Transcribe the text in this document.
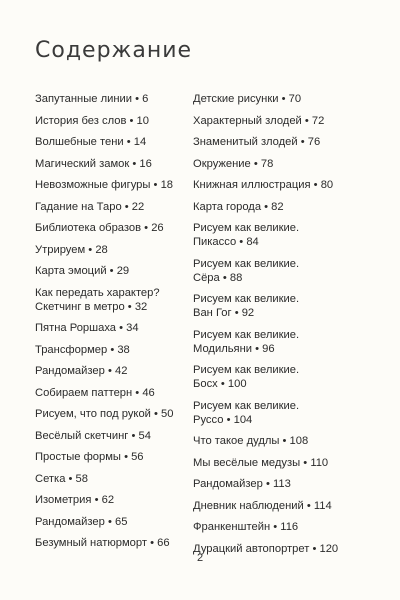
Содержание
Запутанные линии • 6
История без слов • 10
Волшебные тени • 14
Магический замок • 16
Невозможные фигуры • 18
Гадание на Таро • 22
Библиотека образов • 26
Утрируем • 28
Карта эмоций • 29
Как передать характер?
Скетчинг в метро • 32
Пятна Роршаха • 34
Трансформер • 38
Рандомайзер • 42
Собираем паттерн • 46
Рисуем, что под рукой • 50
Весёлый скетчинг • 54
Простые формы • 56
Сетка • 58
Изометрия • 62
Рандомайзер • 65
Безумный натюрморт • 66
Детские рисунки • 70
Характерный злодей • 72
Знаменитый злодей • 76
Окружение • 78
Книжная иллюстрация • 80
Карта города • 82
Рисуем как великие.
Пикассо • 84
Рисуем как великие.
Сёра • 88
Рисуем как великие.
Ван Гог • 92
Рисуем как великие.
Модильяни • 96
Рисуем как великие.
Босх • 100
Рисуем как великие.
Руссо • 104
Что такое дудлы • 108
Мы весёлые медузы • 110
Рандомайзер • 113
Дневник наблюдений • 114
Франкенштейн • 116
Дурацкий автопортрет • 120
2
